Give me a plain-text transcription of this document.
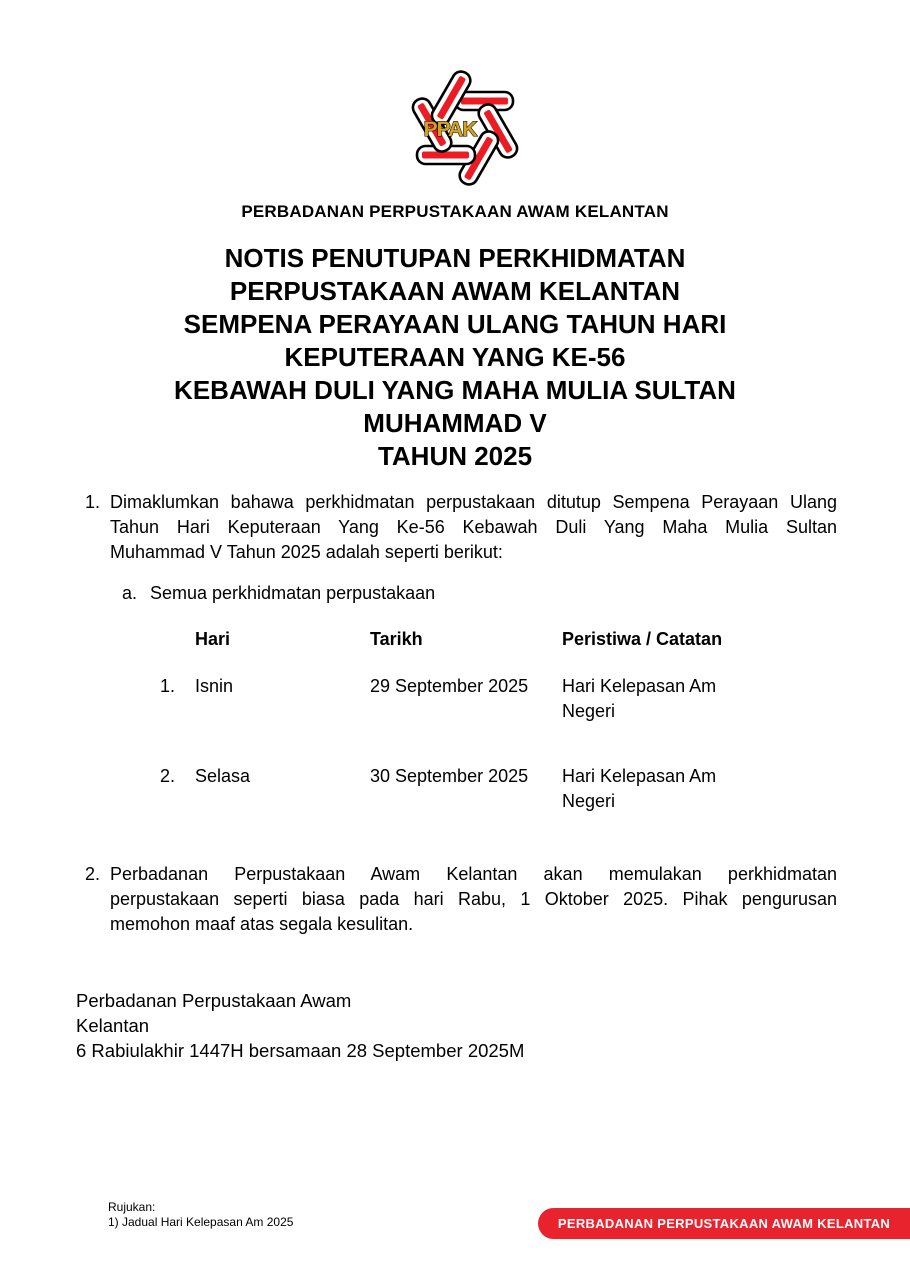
PPAK
PERBADANAN PERPUSTAKAAN AWAM KELANTAN
NOTIS PENUTUPAN PERKHIDMATAN
PERPUSTAKAAN AWAM KELANTAN
SEMPENA PERAYAAN ULANG TAHUN HARI
KEPUTERAAN YANG KE-56
KEBAWAH DULI YANG MAHA MULIA SULTAN
MUHAMMAD V
TAHUN 2025
1. Dimaklumkan bahawa perkhidmatan perpustakaan ditutup Sempena Perayaan Ulang
Tahun Hari Keputeraan Yang Ke-56 Kebawah Duli Yang Maha Mulia Sultan
Muhammad V Tahun 2025 adalah seperti berikut:
a. Semua perkhidmatan perpustakaan
Hari	Tarikh	Peristiwa / Catatan
1.	Isnin	29 September 2025	Hari Kelepasan Am Negeri
2.	Selasa	30 September 2025	Hari Kelepasan Am Negeri
2. Perbadanan Perpustakaan Awam Kelantan akan memulakan perkhidmatan
perpustakaan seperti biasa pada hari Rabu, 1 Oktober 2025. Pihak pengurusan
memohon maaf atas segala kesulitan.
Perbadanan Perpustakaan Awam
Kelantan
6 Rabiulakhir 1447H bersamaan 28 September 2025M
Rujukan:
1) Jadual Hari Kelepasan Am 2025	PERBADANAN PERPUSTAKAAN AWAM KELANTAN
